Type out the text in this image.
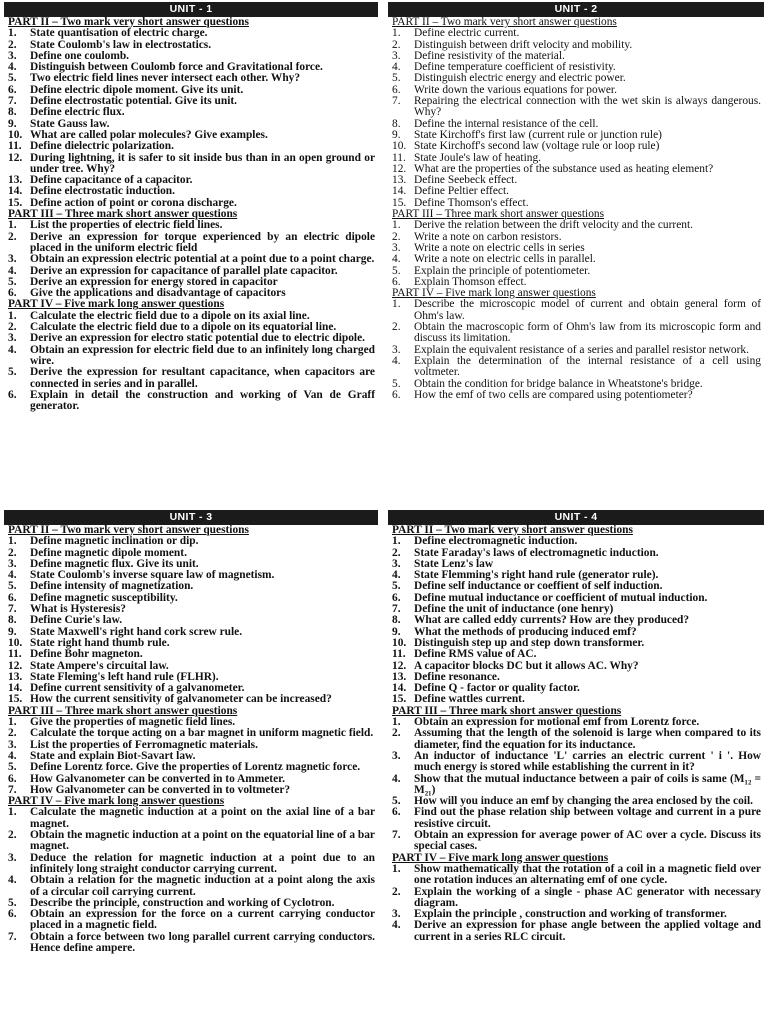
UNIT - 1
PART II – Two mark very short answer questions
1.	State quantisation of electric charge.
2.	State Coulomb's law in electrostatics.
3.	Define one coulomb.
4.	Distinguish between Coulomb force and Gravitational force.
5.	Two electric field lines never intersect each other. Why?
6.	Define electric dipole moment. Give its unit.
7.	Define electrostatic potential. Give its unit.
8.	Define electric flux.
9.	State Gauss law.
10. What are called polar molecules? Give examples.
11. Define dielectric polarization.
12. During lightning, it is safer to sit inside bus than in an open ground or under tree. Why?
13. Define capacitance of a capacitor.
14. Define electrostatic induction.
15. Define action of point or corona discharge.
PART III – Three mark short answer questions
1.	List the properties of electric field lines.
2.	Derive an expression for torque experienced by an electric dipole placed in the uniform electric field
3.	Obtain an expression electric potential at a point due to a point charge.
4.	Derive an expression for capacitance of parallel plate capacitor.
5.	Derive an expression for energy stored in capacitor
6.	Give the applications and disadvantage of capacitors
PART IV – Five mark long answer questions
1.	Calculate the electric field due to a dipole on its axial line.
2.	Calculate the electric field due to a dipole on its equatorial line.
3.	Derive an expression for electro static potential due to electric dipole.
4.	Obtain an expression for electric field due to an infinitely long charged wire.
5.	Derive the expression for resultant capacitance, when capacitors are connected in series and in parallel.
6.	Explain in detail the construction and working of Van de Graff generator.
UNIT - 2
PART II – Two mark very short answer questions
1.	Define electric current.
2.	Distinguish between drift velocity and mobility.
3.	Define resistivity of the material.
4.	Define temperature coefficient of resistivity.
5.	Distinguish electric energy and electric power.
6.	Write down the various equations for power.
7.	Repairing the electrical connection with the wet skin is always dangerous. Why?
8.	Define the internal resistance of the cell.
9.	State Kirchoff's first law (current rule or junction rule)
10. State Kirchoff's second law (voltage rule or loop rule)
11. State Joule's law of heating.
12. What are the properties of the substance used as heating element?
13. Define Seebeck effect.
14. Define Peltier effect.
15. Define Thomson's effect.
PART III – Three mark short answer questions
1.	Derive the relation between the drift velocity and the current.
2.	Write a note on carbon resistors.
3.	Write a note on electric cells in series
4.	Write a note on electric cells in parallel.
5.	Explain the principle of potentiometer.
6.	Explain Thomson effect.
PART IV – Five mark long answer questions
1.	Describe the microscopic model of current and obtain general form of Ohm's law.
2.	Obtain the macroscopic form of Ohm's law from its microscopic form and discuss its limitation.
3.	Explain the equivalent resistance of a series and parallel resistor network.
4.	Explain the determination of the internal resistance of a cell using voltmeter.
5.	Obtain the condition for bridge balance in Wheatstone's bridge.
6.	How the emf of two cells are compared using potentiometer?
UNIT - 3
PART II – Two mark very short answer questions
1.	Define magnetic inclination or dip.
2.	Define magnetic dipole moment.
3.	Define magnetic flux. Give its unit.
4.	State Coulomb's inverse square law of magnetism.
5.	Define intensity of magnetization.
6.	Define magnetic susceptibility.
7.	What is Hysteresis?
8.	Define Curie's law.
9.	State Maxwell's right hand cork screw rule.
10. State right hand thumb rule.
11. Define Bohr magneton.
12. State Ampere's circuital law.
13. State Fleming's left hand rule (FLHR).
14. Define current sensitivity of a galvanometer.
15. How the current sensitivity of galvanometer can be increased?
PART III – Three mark short answer questions
1.	Give the properties of magnetic field lines.
2.	Calculate the torque acting on a bar magnet in uniform magnetic field.
3.	List the properties of Ferromagnetic materials.
4.	State and explain Biot-Savart law.
5.	Define Lorentz force. Give the properties of Lorentz magnetic force.
6.	How Galvanometer can be converted in to Ammeter.
7.	How Galvanometer can be converted in to voltmeter?
PART IV – Five mark long answer questions
1.	Calculate the magnetic induction at a point on the axial line of a bar magnet.
2.	Obtain the magnetic induction at a point on the equatorial line of a bar magnet.
3.	Deduce the relation for magnetic induction at a point due to an infinitely long straight conductor carrying current.
4.	Obtain a relation for the magnetic induction at a point along the axis of a circular coil carrying current.
5.	Describe the principle, construction and working of Cyclotron.
6.	Obtain an expression for the force on a current carrying conductor placed in a magnetic field.
7.	Obtain a force between two long parallel current carrying conductors. Hence define ampere.
UNIT - 4
PART II – Two mark very short answer questions
1.	Define electromagnetic induction.
2.	State Faraday's laws of electromagnetic induction.
3.	State Lenz's law
4.	State Flemming's right hand rule (generator rule).
5.	Define self inductance or coeffient of self induction.
6.	Define mutual inductance or coefficient of mutual induction.
7.	Define the unit of inductance (one henry)
8.	What are called eddy currents? How are they produced?
9.	What the methods of producing induced emf?
10. Distinguish step up and step down transformer.
11. Define RMS value of AC.
12. A capacitor blocks DC but it allows AC. Why?
13. Define resonance.
14. Define Q - factor or quality factor.
15. Define wattles current.
PART III – Three mark short answer questions
1.	Obtain an expression for motional emf from Lorentz force.
2.	Assuming that the length of the solenoid is large when compared to its diameter, find the equation for its inductance.
3.	An inductor of inductance 'L' carries an electric current ' i '. How much energy is stored while establishing the current in it?
4.	Show that the mutual inductance between a pair of coils is same (M₁₂ = M₂₁)
5.	How will you induce an emf by changing the area enclosed by the coil.
6.	Find out the phase relation ship between voltage and current in a pure resistive circuit.
7.	Obtain an expression for average power of AC over a cycle. Discuss its special cases.
PART IV – Five mark long answer questions
1.	Show mathematically that the rotation of a coil in a magnetic field over one rotation induces an alternating emf of one cycle.
2.	Explain the working of a single - phase AC generator with necessary diagram.
3.	Explain the principle , construction and working of transformer.
4.	Derive an expression for phase angle between the applied voltage and current in a series RLC circuit.
